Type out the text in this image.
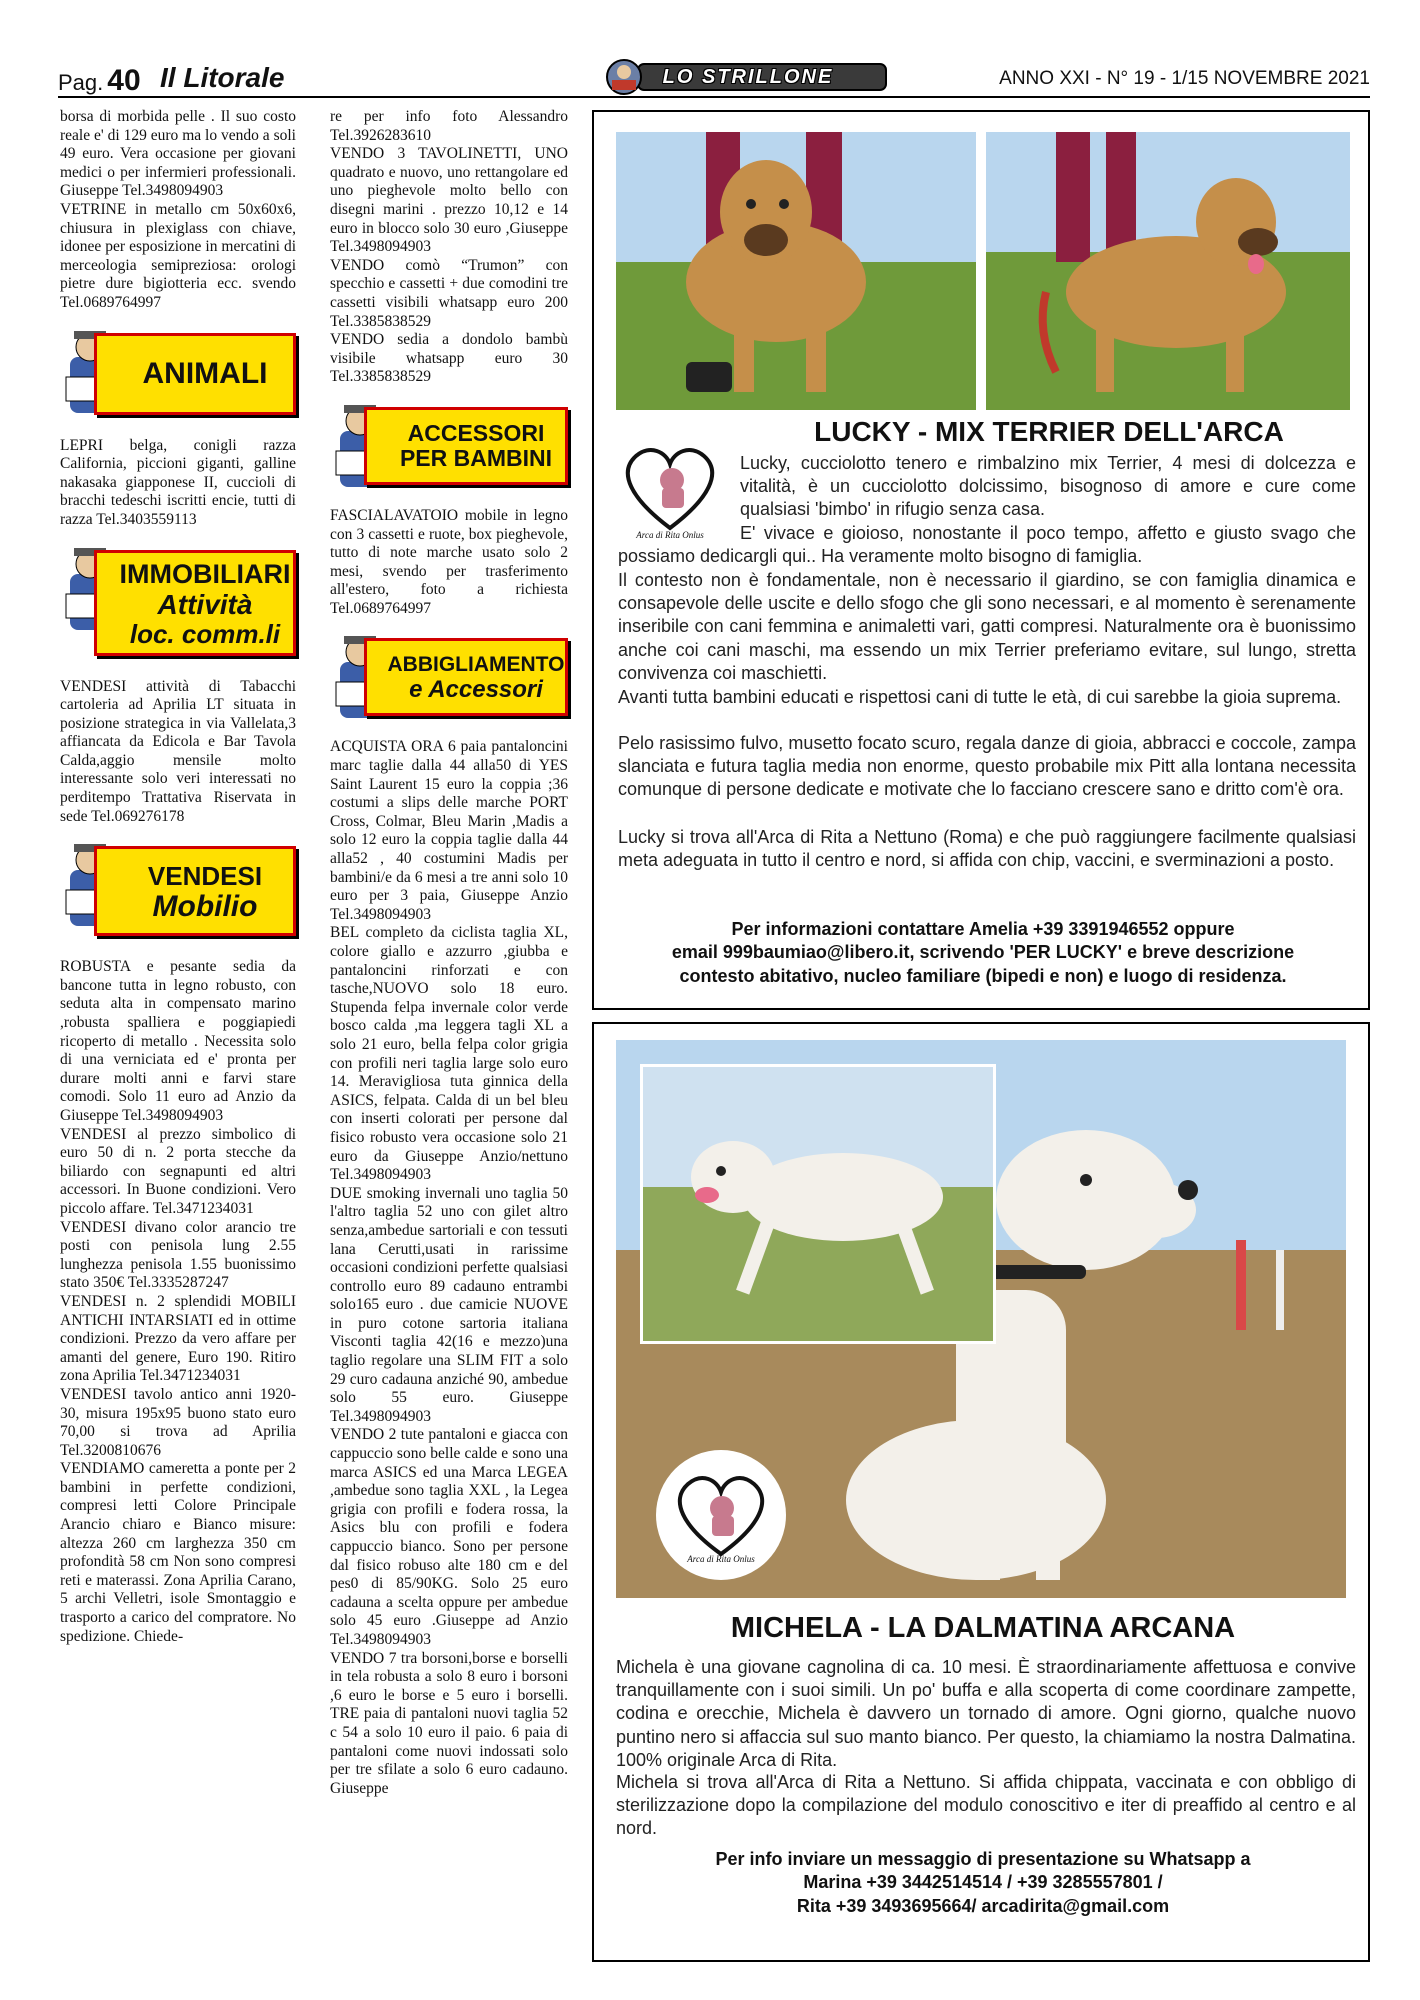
Pag. 40 Il Litorale	LO STRILLONE	ANNO XXI - N° 19 - 1/15 NOVEMBRE 2021

borsa di morbida pelle . Il suo costo reale e' di 129 euro ma lo vendo a soli 49 euro. Vera occasione per giovani medici o per infermieri professionali. Giuseppe Tel.3498094903

VETRINE in metallo cm 50x60x6, chiusura in plexiglass con chiave, idonee per esposizione in mercatini di merceologia semipreziosa: orologi pietre dure bigiotteria ecc. svendo Tel.0689764997

ANIMALI

LEPRI belga, conigli razza California, piccioni giganti, galline nakasaka giapponese II, cuccioli di bracchi tedeschi iscritti encie, tutti di razza Tel.3403559113

IMMOBILIARI
Attività
loc. comm.li

VENDESI attività di Tabacchi cartoleria ad Aprilia LT situata in posizione strategica in via Vallelata,3 affiancata da Edicola e Bar Tavola Calda,aggio mensile molto interessante solo veri interessati no perditempo Trattativa Riservata in sede Tel.069276178

VENDESI
Mobilio

ROBUSTA e pesante sedia da bancone tutta in legno robusto, con seduta alta in compensato marino ,robusta spalliera e poggiapiedi ricoperto di metallo . Necessita solo di una verniciata ed e' pronta per durare molti anni e farvi stare comodi. Solo 11 euro ad Anzio da Giuseppe Tel.3498094903

VENDESI al prezzo simbolico di euro 50 di n. 2 porta stecche da biliardo con segnapunti ed altri accessori. In Buone condizioni. Vero piccolo affare. Tel.3471234031

VENDESI divano color arancio tre posti con penisola lung 2.55 lunghezza penisola 1.55 buonissimo stato 350€ Tel.3335287247

VENDESI n. 2 splendidi MOBILI ANTICHI INTARSIATI ed in ottime condizioni. Prezzo da vero affare per amanti del genere, Euro 190. Ritiro zona Aprilia Tel.3471234031

VENDESI tavolo antico anni 1920-30, misura 195x95 buono stato euro 70,00 si trova ad Aprilia Tel.3200810676

VENDIAMO cameretta a ponte per 2 bambini in perfette condizioni, compresi letti Colore Principale Arancio chiaro e Bianco misure: altezza 260 cm larghezza 350 cm profondità 58 cm Non sono compresi reti e materassi. Zona Aprilia Carano, 5 archi Velletri, isole Smontaggio e trasporto a carico del compratore. No spedizione. Chiede-

re per info foto Alessandro Tel.3926283610

VENDO 3 TAVOLINETTI, UNO quadrato e nuovo, uno rettangolare ed uno pieghevole molto bello con disegni marini . prezzo 10,12 e 14 euro in blocco solo 30 euro ,Giuseppe Tel.3498094903

VENDO comò “Trumon” con specchio e cassetti + due comodini tre cassetti visibili whatsapp euro 200 Tel.3385838529

VENDO sedia a dondolo bambù visibile whatsapp euro 30 Tel.3385838529

ACCESSORI
PER BAMBINI

FASCIALAVATOIO mobile in legno con 3 cassetti e ruote, box pieghevole, tutto di note marche usato solo 2 mesi, svendo per trasferimento all'estero, foto a richiesta Tel.0689764997

ABBIGLIAMENTO
e Accessori

ACQUISTA ORA 6 paia pantaloncini marc taglie dalla 44 alla50 di YES Saint Laurent 15 euro la coppia ;36 costumi a slips delle marche PORT Cross, Colmar, Bleu Marin ,Madis a solo 12 euro la coppia taglie dalla 44 alla52 , 40 costumini Madis per bambini/e da 6 mesi a tre anni solo 10 euro per 3 paia, Giuseppe Anzio Tel.3498094903

BEL completo da ciclista taglia XL, colore giallo e azzurro ,giubba e pantaloncini rinforzati e con tasche,NUOVO solo 18 euro. Stupenda felpa invernale color verde bosco calda ,ma leggera tagli XL a solo 21 euro, bella felpa color grigia con profili neri taglia large solo euro 14. Meravigliosa tuta ginnica della ASICS, felpata. Calda di un bel bleu con inserti colorati per persone dal fisico robusto vera occasione solo 21 euro da Giuseppe Anzio/nettuno Tel.3498094903

DUE smoking invernali uno taglia 50 l'altro taglia 52 uno con gilet altro senza,ambedue sartoriali e con tessuti lana Cerutti,usati in rarissime occasioni condizioni perfette qualsiasi controllo euro 89 cadauno entrambi solo165 euro . due camicie NUOVE in puro cotone sartoria italiana Visconti taglia 42(16 e mezzo)una taglio regolare una SLIM FIT a solo 29 curo cadauna anziché 90, ambedue solo 55 euro. Giuseppe Tel.3498094903

VENDO 2 tute pantaloni e giacca con cappuccio sono belle calde e sono una marca ASICS ed una Marca LEGEA ,ambedue sono taglia XXL , la Legea grigia con profili e fodera rossa, la Asics blu con profili e fodera cappuccio bianco. Sono per persone dal fisico robuso alte 180 cm e del pes0 di 85/90KG. Solo 25 euro cadauna a scelta oppure per ambedue solo 45 euro .Giuseppe ad Anzio Tel.3498094903

VENDO 7 tra borsoni,borse e borselli in tela robusta a solo 8 euro i borsoni ,6 euro le borse e 5 euro i borselli. TRE paia di pantaloni nuovi taglia 52 c 54 a solo 10 euro il paio. 6 paia di pantaloni come nuovi indossati solo per tre sfilate a solo 6 euro cadauno. Giuseppe

LUCKY - MIX TERRIER DELL'ARCA
Arca di Rita Onlus
Lucky, cucciolotto tenero e rimbalzino mix Terrier, 4 mesi di dolcezza e vitalità, è un cucciolotto dolcissimo, bisognoso di amore e cure come qualsiasi 'bimbo' in rifugio senza casa.
E' vivace e gioioso, nonostante il poco tempo, affetto e giusto svago che possiamo dedicargli qui.. Ha veramente molto bisogno di famiglia.
Il contesto non è fondamentale, non è necessario il giardino, se con famiglia dinamica e consapevole delle uscite e dello sfogo che gli sono necessari, e al momento è serenamente inseribile con cani femmina e animaletti vari, gatti compresi. Naturalmente ora è buonissimo anche coi cani maschi, ma essendo un mix Terrier preferiamo evitare, sul lungo, stretta convivenza coi maschietti.
Avanti tutta bambini educati e rispettosi cani di tutte le età, di cui sarebbe la gioia suprema.
Pelo rasissimo fulvo, musetto focato scuro, regala danze di gioia, abbracci e coccole, zampa slanciata e futura taglia media non enorme, questo probabile mix Pitt alla lontana necessita comunque di persone dedicate e motivate che lo facciano crescere sano e dritto com'è ora.
Lucky si trova all'Arca di Rita a Nettuno (Roma) e che può raggiungere facilmente qualsiasi meta adeguata in tutto il centro e nord, si affida con chip, vaccini, e sverminazioni a posto.
Per informazioni contattare Amelia +39 3391946552 oppure
email 999baumiao@libero.it, scrivendo 'PER LUCKY' e breve descrizione
contesto abitativo, nucleo familiare (bipedi e non) e luogo di residenza.
Arca di Rita Onlus
MICHELA - LA DALMATINA ARCANA
Michela è una giovane cagnolina di ca. 10 mesi. È straordinariamente affettuosa e convive tranquillamente con i suoi simili. Un po' buffa e alla scoperta di come coordinare zampette, codina e orecchie, Michela è davvero un tornado di amore. Ogni giorno, qualche nuovo puntino nero si affaccia sul suo manto bianco. Per questo, la chiamiamo la nostra Dalmatina. 100% originale Arca di Rita.
Michela si trova all'Arca di Rita a Nettuno. Si affida chippata, vaccinata e con obbligo di sterilizzazione dopo la compilazione del modulo conoscitivo e iter di preaffido al centro e al nord.
Per info inviare un messaggio di presentazione su Whatsapp a
Marina +39 3442514514 / +39 3285557801 /
Rita +39 3493695664/ arcadirita@gmail.com
